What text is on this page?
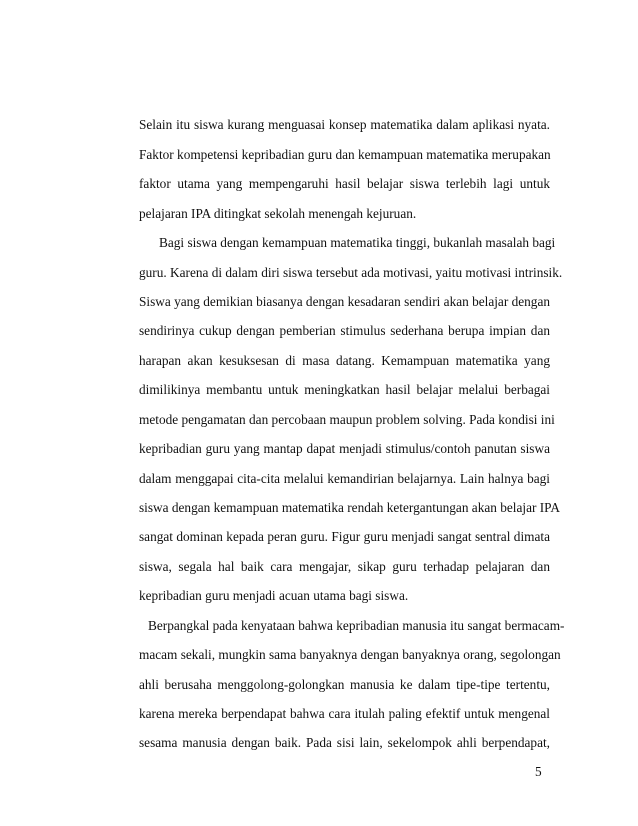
Selain itu siswa kurang menguasai konsep matematika dalam aplikasi nyata.
Faktor kompetensi kepribadian guru dan kemampuan matematika merupakan
faktor utama yang mempengaruhi hasil belajar siswa terlebih lagi untuk
pelajaran IPA ditingkat sekolah menengah kejuruan.
Bagi siswa dengan kemampuan matematika tinggi, bukanlah masalah bagi
guru. Karena di dalam diri siswa tersebut ada motivasi, yaitu motivasi intrinsik.
Siswa yang demikian biasanya dengan kesadaran sendiri akan belajar dengan
sendirinya cukup dengan pemberian stimulus sederhana berupa impian dan
harapan akan kesuksesan di masa datang. Kemampuan matematika yang
dimilikinya membantu untuk meningkatkan hasil belajar melalui berbagai
metode pengamatan dan percobaan maupun problem solving. Pada kondisi ini
kepribadian guru yang mantap dapat menjadi stimulus/contoh panutan siswa
dalam menggapai cita-cita melalui kemandirian belajarnya. Lain halnya bagi
siswa dengan kemampuan matematika rendah ketergantungan akan belajar IPA
sangat dominan kepada peran guru. Figur guru menjadi sangat sentral dimata
siswa, segala hal baik cara mengajar, sikap guru terhadap pelajaran dan
kepribadian guru menjadi acuan utama bagi siswa.
Berpangkal pada kenyataan bahwa kepribadian manusia itu sangat bermacam-
macam sekali, mungkin sama banyaknya dengan banyaknya orang, segolongan
ahli berusaha menggolong-golongkan manusia ke dalam tipe-tipe tertentu,
karena mereka berpendapat bahwa cara itulah paling efektif untuk mengenal
sesama manusia dengan baik. Pada sisi lain, sekelompok ahli berpendapat,
5
